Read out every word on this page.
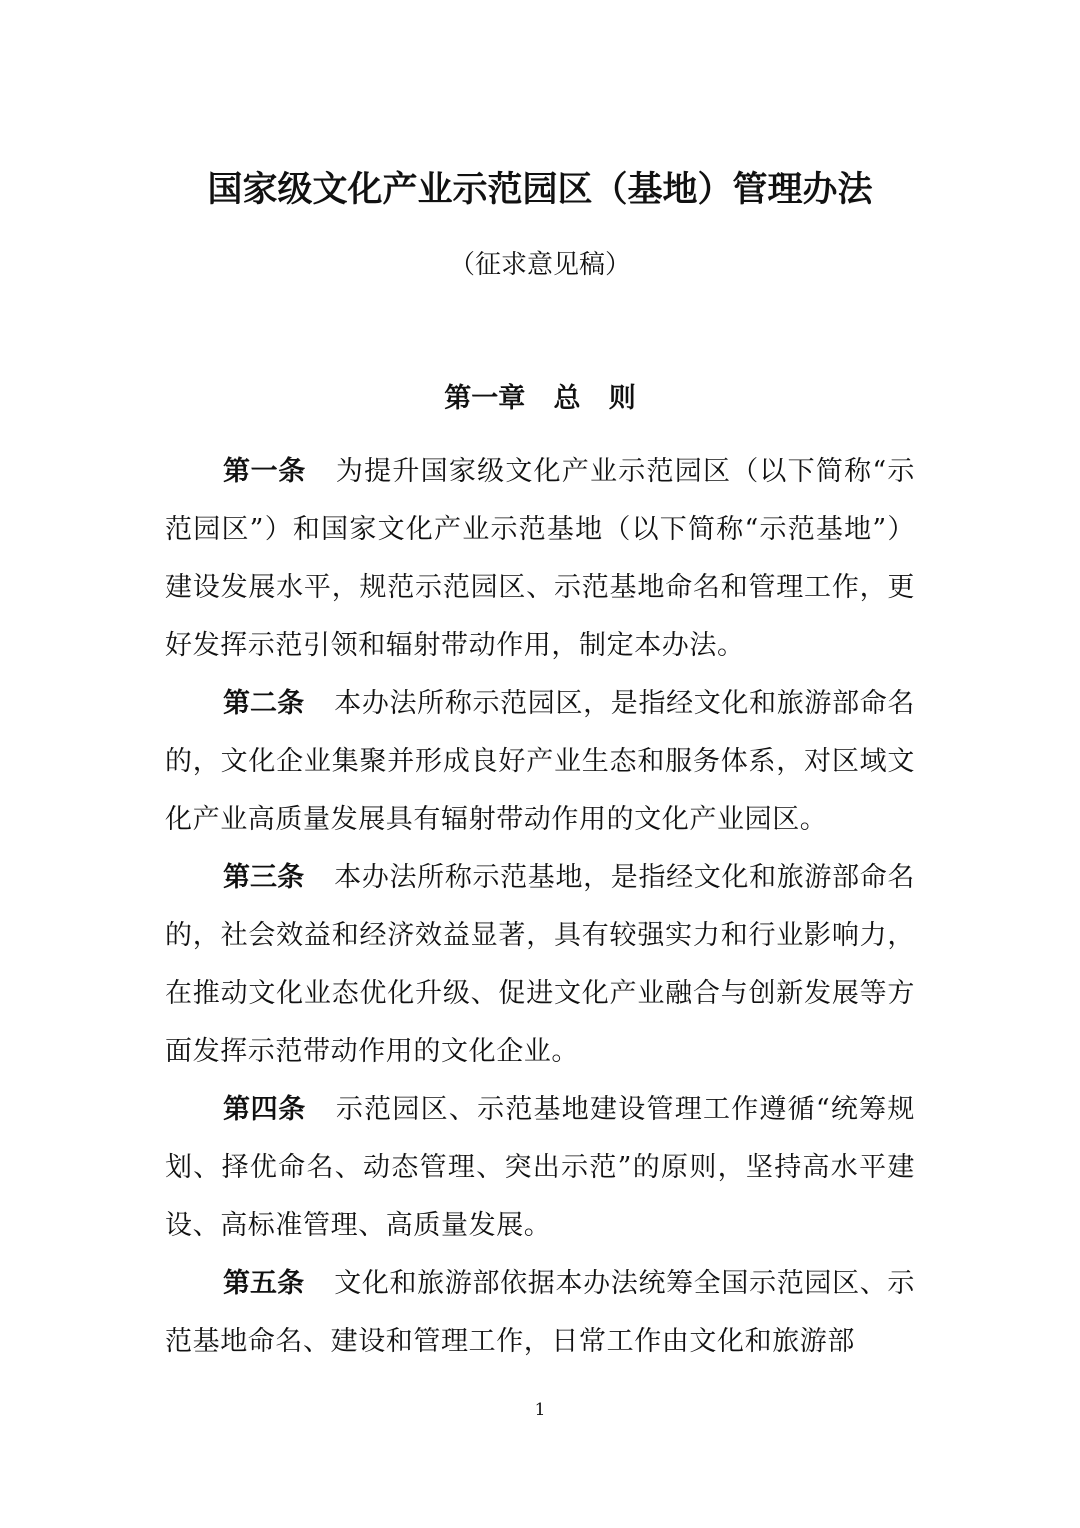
国家级文化产业示范园区（基地）管理办法
（征求意见稿）
第一章   总   则

第一条 为提升国家级文化产业示范园区（以下简称“示范园区”）和国家文化产业示范基地（以下简称“示范基地”）建设发展水平，规范示范园区、示范基地命名和管理工作，更好发挥示范引领和辐射带动作用，制定本办法。

第二条 本办法所称示范园区，是指经文化和旅游部命名的，文化企业集聚并形成良好产业生态和服务体系，对区域文化产业高质量发展具有辐射带动作用的文化产业园区。

第三条 本办法所称示范基地，是指经文化和旅游部命名的，社会效益和经济效益显著，具有较强实力和行业影响力，在推动文化业态优化升级、促进文化产业融合与创新发展等方面发挥示范带动作用的文化企业。

第四条 示范园区、示范基地建设管理工作遵循“统筹规划、择优命名、动态管理、突出示范”的原则，坚持高水平建设、高标准管理、高质量发展。

第五条 文化和旅游部依据本办法统筹全国示范园区、示范基地命名、建设和管理工作，日常工作由文化和旅游部

1
